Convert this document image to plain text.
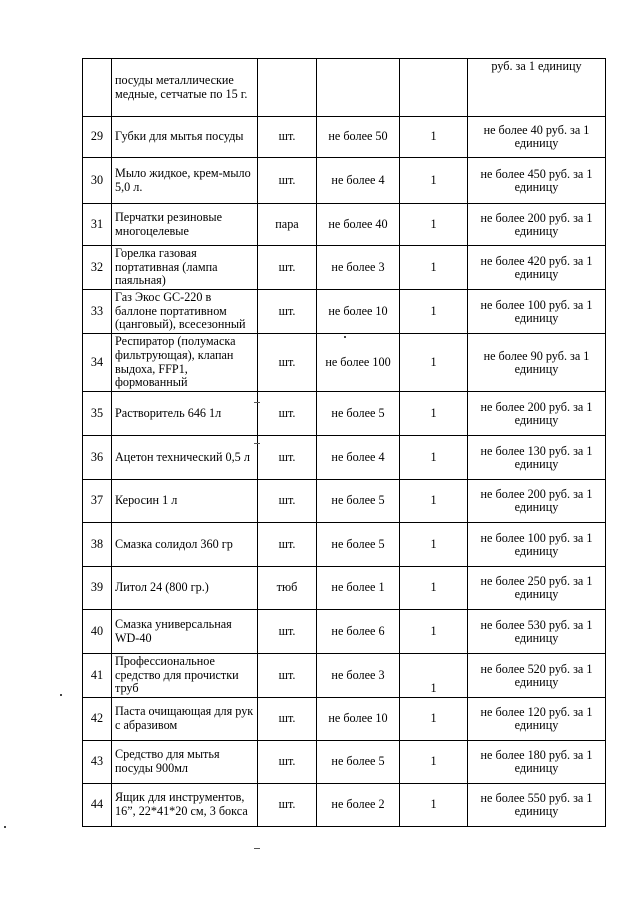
	посуды металлические медные, сетчатые по 15 г.				руб. за 1 единицу
29	Губки для мытья посуды	шт.	не более 50	1	не более 40 руб. за 1 единицу
30	Мыло жидкое, крем-мыло 5,0 л.	шт.	не более 4	1	не более 450 руб. за 1 единицу
31	Перчатки резиновые многоцелевые	пара	не более 40	1	не более 200 руб. за 1 единицу
32	Горелка газовая портативная (лампа паяльная)	шт.	не более 3	1	не более 420 руб. за 1 единицу
33	Газ Экос GC-220 в баллоне портативном (цанговый), всесезонный	шт.	не более 10	1	не более 100 руб. за 1 единицу
34	Респиратор (полумаска фильтрующая), клапан выдоха, FFP1, формованный	шт.	не более 100	1	не более 90 руб. за 1 единицу
35	Растворитель 646 1л	шт.	не более 5	1	не более 200 руб. за 1 единицу
36	Ацетон технический 0,5 л	шт.	не более 4	1	не более 130 руб. за 1 единицу
37	Керосин 1 л	шт.	не более 5	1	не более 200 руб. за 1 единицу
38	Смазка солидол 360 гр	шт.	не более 5	1	не более 100 руб. за 1 единицу
39	Литол 24 (800 гр.)	тюб	не более 1	1	не более 250 руб. за 1 единицу
40	Смазка универсальная WD-40	шт.	не более 6	1	не более 530 руб. за 1 единицу
41	Профессиональное средство для прочистки труб	шт.	не более 3	1	не более 520 руб. за 1 единицу
42	Паста очищающая для рук с абразивом	шт.	не более 10	1	не более 120 руб. за 1 единицу
43	Средство для мытья посуды 900мл	шт.	не более 5	1	не более 180 руб. за 1 единицу
44	Ящик для инструментов, 16”, 22*41*20 см, 3 бокса	шт.	не более 2	1	не более 550 руб. за 1 единицу
